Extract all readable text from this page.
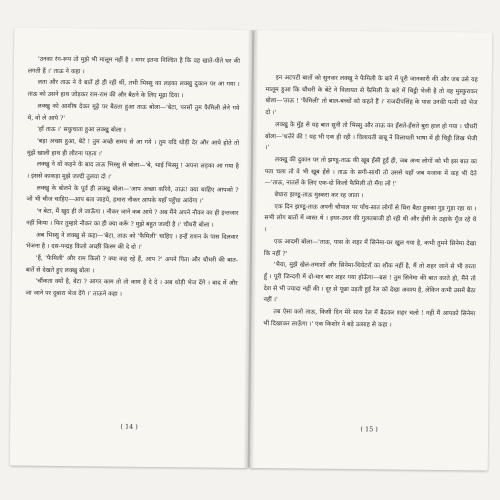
'उनका रंग-रूप तो मुझे भी मालूम नहीं है । मगर इतना निश्चित है कि वह खाते-पीते घर की लगती हैं ।' ताऊ ने कहा ।

लता और ताऊ ने वे बातें हो ही रही थीं, तभी भिस्सु का लड़का लक्खु दुकान पर आ गया । ताऊ को उसने हाथ जोड़कर राम-राम की और बैठने के लिए मूढ़ा दिया ।

लक्खु को आशीष देकर मूढ़े पर बैठता हुआ ताऊ बोला—'बेटा, परसों तुम फैमिली लेने गये थे, वो ले आये ?'

'हाँ ताऊ ।' सकुचाता हुआ लक्खु बोला ।

'बड़ा अच्छा हुआ, बेटे ! तुम अच्छे समय से आ गये । तुम यदि थोड़ी देर और आये होते तो मुझे खाली हाथ ही लौटना पड़ता ।'

लक्खु ने यों कहने के बाद ताऊ भिस्सु से बोला—'बे, भाई भिस्सु ! अपना लड़का आ गया है । इससे काकड़ा मुझे जल्दी तुलवा दो ।'

लक्खु के बोलने के पूर्व ही लक्खु बोला—'आप अच्छा करिये, ताऊ! क्या चाहिए आपको ? जो भी चीज चाहिए—आप बता जाइये, हमारा नौकर आपके यहाँ पहुँचा आयेगा ।'

'न बेटा, मैं खुद ही ले जाऊँगा । नौकर जाने कब आये ? अब मैंने अपने नौकर का ही इन्तजार नहीं किया । फिर तुम्हारे नौकर का ही क्या करूँ ? मुझे बहुत जल्दी है ।' चौधरी बोला ।

अब भिस्सु ने लक्खु से कहा—'बेटा, ताऊ को 'फैमिली' चाहिए । इन्हें राशन के पास दिलवार भेजना है । दस-पन्द्रह किलो अच्छी किस्म की दे दो ।'

'हैं, 'फैमिली' और राम किलो ? क्या कह रहे हैं, आप ?' अपने पिता और चौधरी की बात-बातें से देखते हुए लक्खु बोला ।

'चौंकता क्यों है, बेटा ? आगर काम तो तो काम है दे दे । अब थोड़ी भेज देंगे । बाद में और जा जाने पर दुबारा भेज देंगे ।' ताऊने कहा ।

( 14 )

इन अटपटी बातों को सुनकर लक्खु ने फैमिली के बारे में पूरी जानकारी की और जब उसे यह मालूम हुआ कि चौधरी के बेटे ने विलायत से फैमिली के बारे में चिट्ठी भेजी है तो वह मुस्कुराकर बोला—'ताऊ ! 'फैमिली' तो बाल-बच्चों को कहते हैं ।' राजदीपसिंह के पास उनकी पत्नी को भेज दो ।'

लक्खु के मुँह से यह बात सुनी तो भिस्सु और ताऊ का हँसते-हँसते बुरा हाल हो गया । चौधरी बोला—'धत्तेरे की ! यह भी एक ही रही । विलायती बाबू ने विलायती भाषा में ही चिट्ठी लिख भेजी ।'

लक्खु की दुकान पर तो झण्डू-ताऊ की खूब हँसी हुई ही, जब अन्य लोगों को भी इस बात का पता चला तो वे भी खूब हँसे । ताऊ के सगी-साथी तो उससे यहाँ जब मजाक में कह भी देते—'ताऊ, नातलें के लिए एक-दो किलो फैमिली तो मँगा लो !'

बेचारा झण्डू-ताऊ मुस्करा कर रह जाता ।

एक दिन झण्डू-ताऊ अपनी चौपाल पर पाँच-सात लोगों से घिरा बैठा हुक्का गुड़ गुड़ा रहा था । सभी लोग बातों में व्यस्त थे । इधर-उधर की गुलतबाजी हो रही थी और हँसी के ठहाके गूँज रहे थे ।

एक आदमी बोला—'ताऊ, पास के शहर में सिनेमा-घर खुल गया है, कभी तुमने सिनेमा देखा कि नहीं ?'

'भैया, मुझे खेल-तमाशों और सिनेमा-थियेटरों का शौक नहीं है, मैं तो शहर जाने से भी डरता हूँ । पूरी जिन्दगी में दो-चार बार शहर गया होऊँगा—बस ! तुम सिनेमा की बात करते हो, मैंने तो देश से भी ज्यादा नहीं की । दूर से पूछा उड़ती हुई रेल को देखा अवश्य है, लेकिन कभी उसमें बैठा नहीं ।'

तब ऐसा करो ताऊ, किसी दिन मेरे साथ रेल में बैठकर शहर चलो ! नहीं मैं आपको सिनेमा भी दिखाकर लाऊँगा ।' एक किशोर ने बड़े उत्साह से कहा ।

( 15 )
